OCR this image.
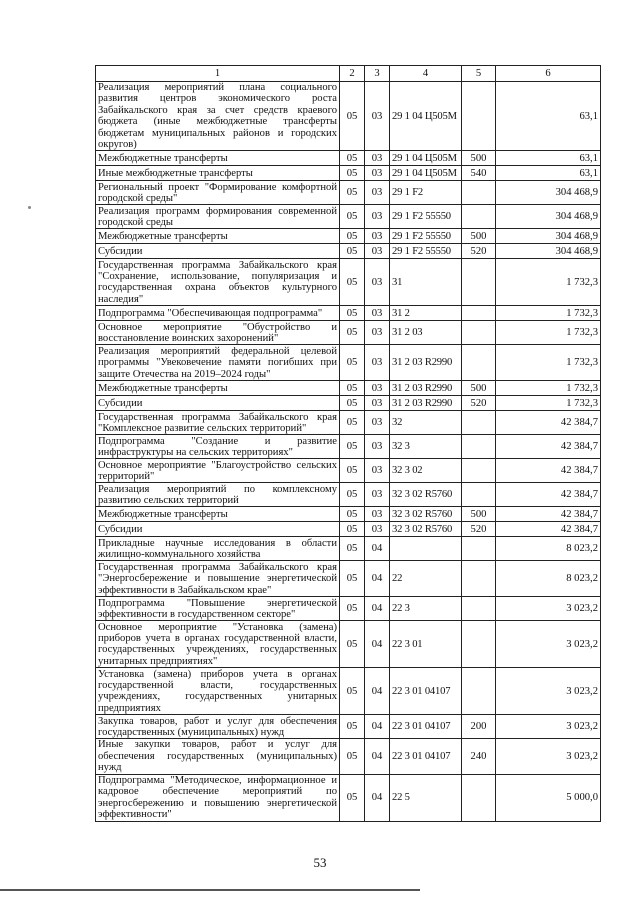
1	2	3	4	5	6
Реализация мероприятий плана социального развития центров экономического роста Забайкальского края за счет средств краевого бюджета (иные межбюджетные трансферты бюджетам муниципальных районов и городских округов)	05	03	29 1 04 Ц505М		63,1
Межбюджетные трансферты	05	03	29 1 04 Ц505М	500	63,1
Иные межбюджетные трансферты	05	03	29 1 04 Ц505М	540	63,1
Региональный проект "Формирование комфортной городской среды"	05	03	29 1 F2		304 468,9
Реализация программ формирования современной городской среды	05	03	29 1 F2 55550		304 468,9
Межбюджетные трансферты	05	03	29 1 F2 55550	500	304 468,9
Субсидии	05	03	29 1 F2 55550	520	304 468,9
Государственная программа Забайкальского края "Сохранение, использование, популяризация и государственная охрана объектов культурного наследия"	05	03	31		1 732,3
Подпрограмма "Обеспечивающая подпрограмма"	05	03	31 2		1 732,3
Основное мероприятие "Обустройство и восстановление воинских захоронений"	05	03	31 2 03		1 732,3
Реализация мероприятий федеральной целевой программы "Увековечение памяти погибших при защите Отечества на 2019–2024 годы"	05	03	31 2 03 R2990		1 732,3
Межбюджетные трансферты	05	03	31 2 03 R2990	500	1 732,3
Субсидии	05	03	31 2 03 R2990	520	1 732,3
Государственная программа Забайкальского края "Комплексное развитие сельских территорий"	05	03	32		42 384,7
Подпрограмма "Создание и развитие инфраструктуры на сельских территориях"	05	03	32 3		42 384,7
Основное мероприятие "Благоустройство сельских территорий"	05	03	32 3 02		42 384,7
Реализация мероприятий по комплексному развитию сельских территорий	05	03	32 3 02 R5760		42 384,7
Межбюджетные трансферты	05	03	32 3 02 R5760	500	42 384,7
Субсидии	05	03	32 3 02 R5760	520	42 384,7
Прикладные научные исследования в области жилищно-коммунального хозяйства	05	04			8 023,2
Государственная программа Забайкальского края "Энергосбережение и повышение энергетической эффективности в Забайкальском крае"	05	04	22		8 023,2
Подпрограмма "Повышение энергетической эффективности в государственном секторе"	05	04	22 3		3 023,2
Основное мероприятие "Установка (замена) приборов учета в органах государственной власти, государственных учреждениях, государственных унитарных предприятиях"	05	04	22 3 01		3 023,2
Установка (замена) приборов учета в органах государственной власти, государственных учреждениях, государственных унитарных предприятиях	05	04	22 3 01 04107		3 023,2
Закупка товаров, работ и услуг для обеспечения государственных (муниципальных) нужд	05	04	22 3 01 04107	200	3 023,2
Иные закупки товаров, работ и услуг для обеспечения государственных (муниципальных) нужд	05	04	22 3 01 04107	240	3 023,2
Подпрограмма "Методическое, информационное и кадровое обеспечение мероприятий по энергосбережению и повышению энергетической эффективности"	05	04	22 5		5 000,0
53
